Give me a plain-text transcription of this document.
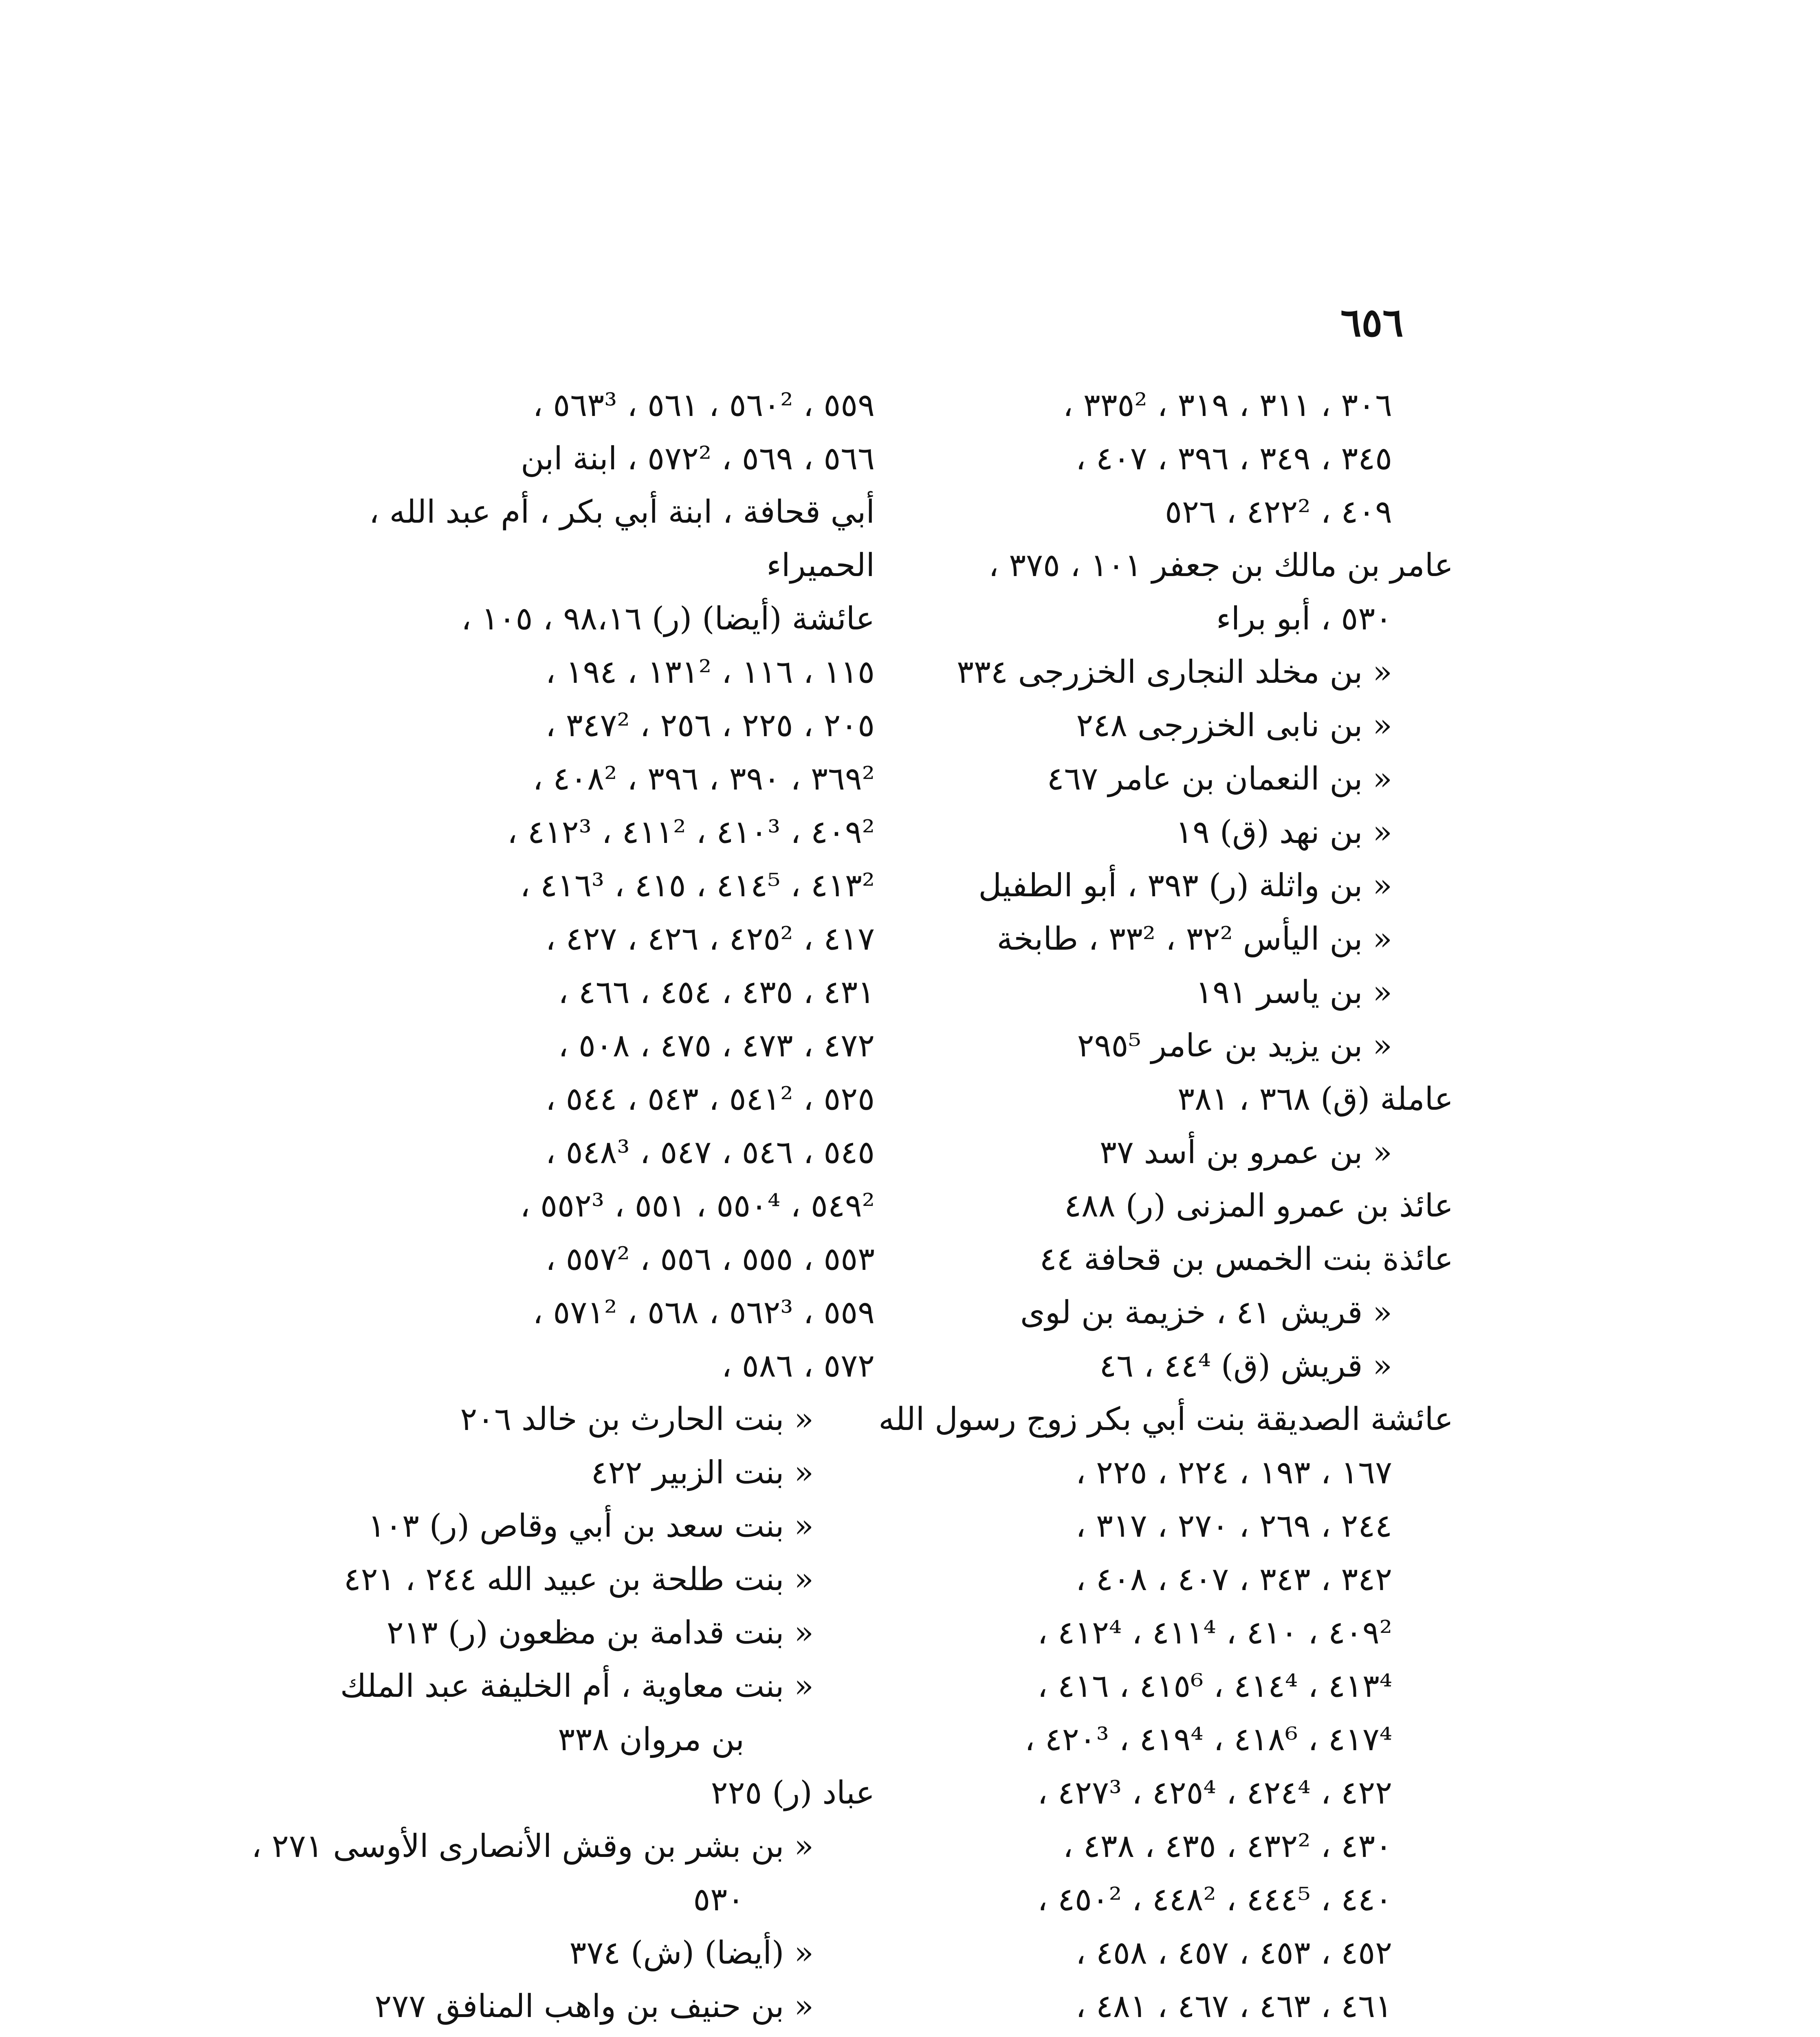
٦٥٦
٣٠٦ ، ٣١١ ، ٣١٩ ، ٣٣٥² ،
٣٤٥ ، ٣٤٩ ، ٣٩٦ ، ٤٠٧ ،
٤٠٩ ، ٤٢٢² ، ٥٢٦
عامر بن مالك بن جعفر ١٠١ ، ٣٧٥ ،
٥٣٠ ، أبو براء
« بن مخلد النجارى الخزرجى ٣٣٤
« بن نابى الخزرجى ٢٤٨
« بن النعمان بن عامر ٤٦٧
« بن نهد (ق) ١٩
« بن واثلة (ر) ٣٩٣ ، أبو الطفيل
« بن اليأس ٣٢² ، ٣٣² ، طابخة
« بن ياسر ١٩١
« بن يزيد بن عامر ٢٩٥⁵
عاملة (ق) ٣٦٨ ، ٣٨١
« بن عمرو بن أسد ٣٧
عائذ بن عمرو المزنى (ر) ٤٨٨
عائذة بنت الخمس بن قحافة ٤٤
« قريش ٤١ ، خزيمة بن لوى
« قريش (ق) ٤٤⁴ ، ٤٦
عائشة الصديقة بنت أبي بكر زوج رسول الله
١٦٧ ، ١٩٣ ، ٢٢٤ ، ٢٢٥ ،
٢٤٤ ، ٢٦٩ ، ٢٧٠ ، ٣١٧ ،
٣٤٢ ، ٣٤٣ ، ٤٠٧ ، ٤٠٨ ،
٤٠٩² ، ٤١٠ ، ٤١١⁴ ، ٤١٢⁴ ،
٤١٣⁴ ، ٤١٤⁴ ، ٤١٥⁶ ، ٤١٦ ،
٤١٧⁴ ، ٤١٨⁶ ، ٤١٩⁴ ، ٤٢٠³ ،
٤٢٢ ، ٤٢٤⁴ ، ٤٢٥⁴ ، ٤٢٧³ ،
٤٣٠ ، ٤٣٢² ، ٤٣٥ ، ٤٣٨ ،
٤٤٠ ، ٤٤٤⁵ ، ٤٤٨² ، ٤٥٠² ،
٤٥٢ ، ٤٥٣ ، ٤٥٧ ، ٤٥٨ ،
٤٦١ ، ٤٦٣ ، ٤٦٧ ، ٤٨١ ،
٥٥٩ ، ٥٦٠² ، ٥٦١ ، ٥٦٣³ ،
٥٦٦ ، ٥٦٩ ، ٥٧٢² ، ابنة ابن
أبي قحافة ، ابنة أبي بكر ، أم عبد الله ،
الحميراء
عائشة (أيضا) (ر) ٩٨،١٦ ، ١٠٥ ،
١١٥ ، ١١٦ ، ١٣١² ، ١٩٤ ،
٢٠٥ ، ٢٢٥ ، ٢٥٦ ، ٣٤٧² ،
٣٦٩² ، ٣٩٠ ، ٣٩٦ ، ٤٠٨² ،
٤٠٩² ، ٤١٠³ ، ٤١١² ، ٤١٢³ ،
٤١٣² ، ٤١٤⁵ ، ٤١٥ ، ٤١٦³ ،
٤١٧ ، ٤٢٥² ، ٤٢٦ ، ٤٢٧ ،
٤٣١ ، ٤٣٥ ، ٤٥٤ ، ٤٦٦ ،
٤٧٢ ، ٤٧٣ ، ٤٧٥ ، ٥٠٨ ،
٥٢٥ ، ٥٤١² ، ٥٤٣ ، ٥٤٤ ،
٥٤٥ ، ٥٤٦ ، ٥٤٧ ، ٥٤٨³ ،
٥٤٩² ، ٥٥٠⁴ ، ٥٥١ ، ٥٥٢³ ،
٥٥٣ ، ٥٥٥ ، ٥٥٦ ، ٥٥٧² ،
٥٥٩ ، ٥٦٢³ ، ٥٦٨ ، ٥٧١² ،
٥٧٢ ، ٥٨٦ ،
« بنت الحارث بن خالد ٢٠٦
« بنت الزبير ٤٢٢
« بنت سعد بن أبي وقاص (ر) ١٠٣
« بنت طلحة بن عبيد الله ٢٤٤ ، ٤٢١
« بنت قدامة بن مظعون (ر) ٢١٣
« بنت معاوية ، أم الخليفة عبد الملك
بن مروان ٣٣٨
عباد (ر) ٢٢٥
« بن بشر بن وقش الأنصارى الأوسى ٢٧١ ،
٥٣٠
« (أيضا) (ش) ٣٧٤
« بن حنيف بن واهب المنافق ٢٧٧
